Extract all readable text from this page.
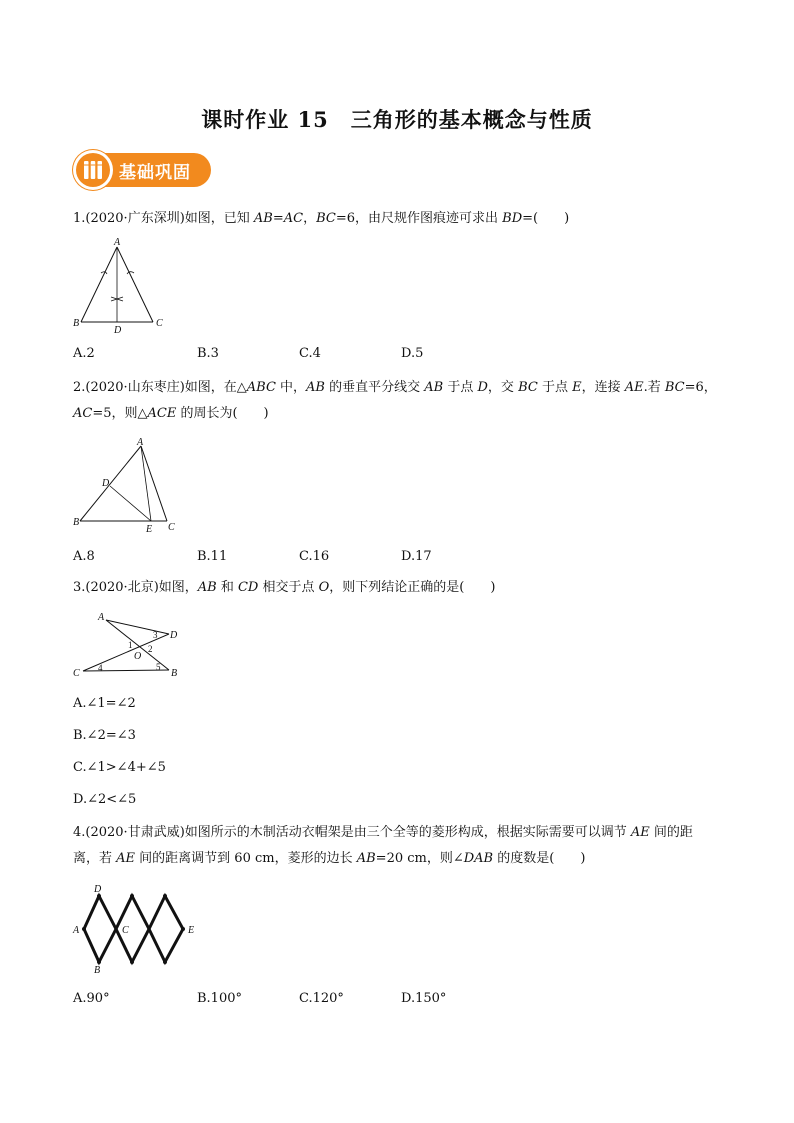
课时作业 15 三角形的基本概念与性质
基础巩固
1.(2020·广东深圳)如图，已知 AB=AC，BC=6，由尺规作图痕迹可求出 BD=(　　)
A
B
D
C
A.2	B.3	C.4	D.5
2.(2020·山东枣庄)如图，在△ABC 中，AB 的垂直平分线交 AB 于点 D，交 BC 于点 E，连接 AE.若 BC=6，
AC=5，则△ACE 的周长为(　　)
A
D
B
E C
A.8	B.11	C.16	D.17
3.(2020·北京)如图，AB 和 CD 相交于点 O，则下列结论正确的是(　　)
A
D
O
C	B
1 2
3
4	5
A.∠1=∠2
B.∠2=∠3
C.∠1>∠4+∠5
D.∠2<∠5
4.(2020·甘肃武威)如图所示的木制活动衣帽架是由三个全等的菱形构成，根据实际需要可以调节 AE 间的距
离，若 AE 间的距离调节到 60 cm，菱形的边长 AB=20 cm，则∠DAB 的度数是(　　)
D
A	C	E
B
A.90°	B.100°	C.120°	D.150°
